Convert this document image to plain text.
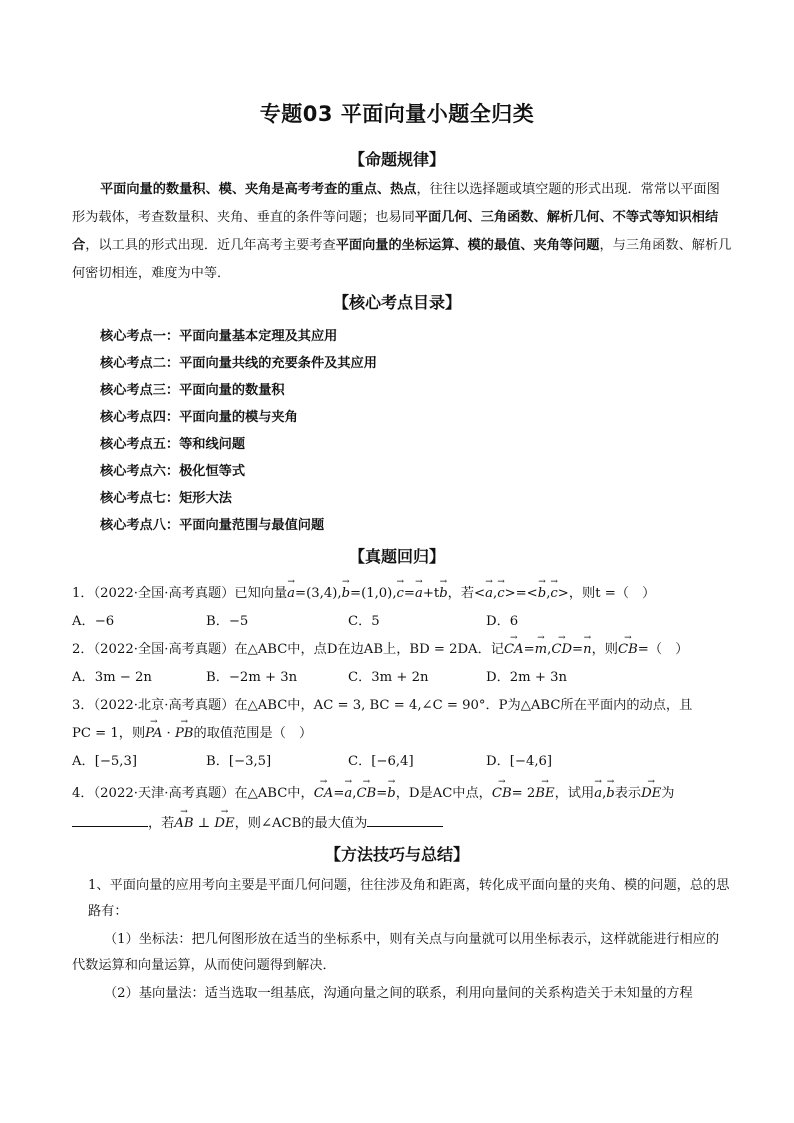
专题03 平面向量小题全归类
【命题规律】
平面向量的数量积、模、夹角是高考考查的重点、热点，往往以选择题或填空题的形式出现．常常以平面图形为载体，考查数量积、夹角、垂直的条件等问题；也易同平面几何、三角函数、解析几何、不等式等知识相结合，以工具的形式出现．近几年高考主要考查平面向量的坐标运算、模的最值、夹角等问题，与三角函数、解析几何密切相连，难度为中等．
【核心考点目录】
核心考点一：平面向量基本定理及其应用
核心考点二：平面向量共线的充要条件及其应用
核心考点三：平面向量的数量积
核心考点四：平面向量的模与夹角
核心考点五：等和线问题
核心考点六：极化恒等式
核心考点七：矩形大法
核心考点八：平面向量范围与最值问题
【真题回归】
1．（2022·全国·高考真题）已知向量→ a=(3,4),→ b=(1,0),→ c=→ a+t→ b，若<→ a,→ c>=<→ b,→ c>，则t =（　）
A．−6	B．−5	C．5	D．6
2．（2022·全国·高考真题）在△ABC中，点D在边AB上，BD = 2DA．记→ CA=→ m,→ CD=→ n，则→ CB=（　）
A．3m − 2n	B．−2m + 3n	C．3m + 2n	D．2m + 3n
3．（2022·北京·高考真题）在△ABC中，AC = 3, BC = 4,∠C = 90°．P为△ABC所在平面内的动点，且
PC = 1，则→ PA · → PB的取值范围是（　）
A．[−5,3]	B．[−3,5]	C．[−6,4]	D．[−4,6]
4．（2022·天津·高考真题）在△ABC中，→ CA=→ a,→ CB=→ b，D是AC中点，→ CB= 2→ BE，试用→ a,→ b表示→ DE为
，若→ AB ⊥ → DE，则∠ACB的最大值为
【方法技巧与总结】
1、平面向量的应用考向主要是平面几何问题，往往涉及角和距离，转化成平面向量的夹角、模的问题，总的思路有：
（1）坐标法：把几何图形放在适当的坐标系中，则有关点与向量就可以用坐标表示，这样就能进行相应的代数运算和向量运算，从而使问题得到解决．
（2）基向量法：适当选取一组基底，沟通向量之间的联系，利用向量间的关系构造关于未知量的方程
